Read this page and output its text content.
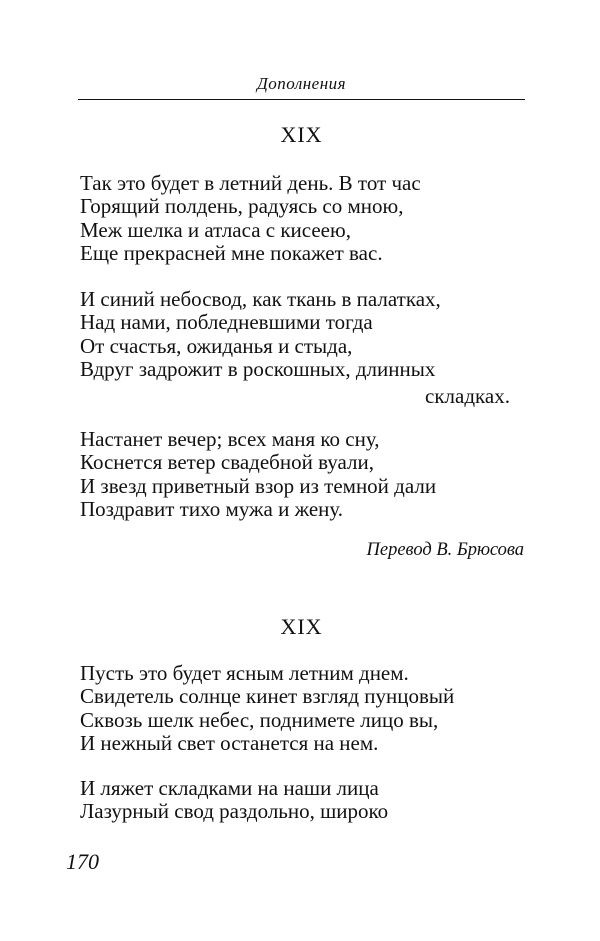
Дополнения
XIX
Так это будет в летний день. В тот час
Горящий полдень, радуясь со мною,
Меж шелка и атласа с кисеею,
Еще прекрасней мне покажет вас.
И синий небосвод, как ткань в палатках,
Над нами, побледневшими тогда
От счастья, ожиданья и стыда,
Вдруг задрожит в роскошных, длинных
складках.
Настанет вечер; всех маня ко сну,
Коснется ветер свадебной вуали,
И звезд приветный взор из темной дали
Поздравит тихо мужа и жену.
Перевод В. Брюсова
XIX
Пусть это будет ясным летним днем.
Свидетель солнце кинет взгляд пунцовый
Сквозь шелк небес, поднимете лицо вы,
И нежный свет останется на нем.
И ляжет складками на наши лица
Лазурный свод раздольно, широко
170
